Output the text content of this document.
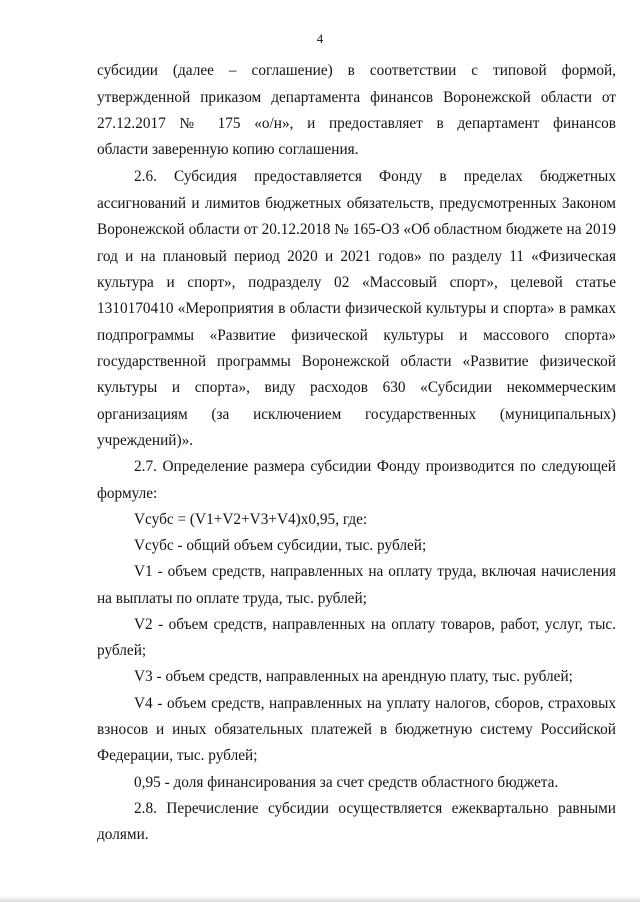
4
субсидии (далее – соглашение) в соответствии с типовой формой,
утвержденной приказом департамента финансов Воронежской области от
27.12.2017 № 175 «о/н», и предоставляет в департамент финансов
области заверенную копию соглашения.
2.6. Субсидия предоставляется Фонду в пределах бюджетных
ассигнований и лимитов бюджетных обязательств, предусмотренных Законом
Воронежской области от 20.12.2018 № 165-ОЗ «Об областном бюджете на 2019
год и на плановый период 2020 и 2021 годов» по разделу 11 «Физическая
культура и спорт», подразделу 02 «Массовый спорт», целевой статье
1310170410 «Мероприятия в области физической культуры и спорта» в рамках
подпрограммы «Развитие физической культуры и массового спорта»
государственной программы Воронежской области «Развитие физической
культуры и спорта», виду расходов 630 «Субсидии некоммерческим
организациям (за исключением государственных (муниципальных)
учреждений)».
2.7. Определение размера субсидии Фонду производится по следующей
формуле:
Vсубс = (V1+V2+V3+V4)х0,95, где:
Vсубс - общий объем субсидии, тыс. рублей;
V1 - объем средств, направленных на оплату труда, включая начисления
на выплаты по оплате труда, тыс. рублей;
V2 - объем средств, направленных на оплату товаров, работ, услуг, тыс.
рублей;
V3 - объем средств, направленных на арендную плату, тыс. рублей;
V4 - объем средств, направленных на уплату налогов, сборов, страховых
взносов и иных обязательных платежей в бюджетную систему Российской
Федерации, тыс. рублей;
0,95 - доля финансирования за счет средств областного бюджета.
2.8. Перечисление субсидии осуществляется ежеквартально равными
долями.
